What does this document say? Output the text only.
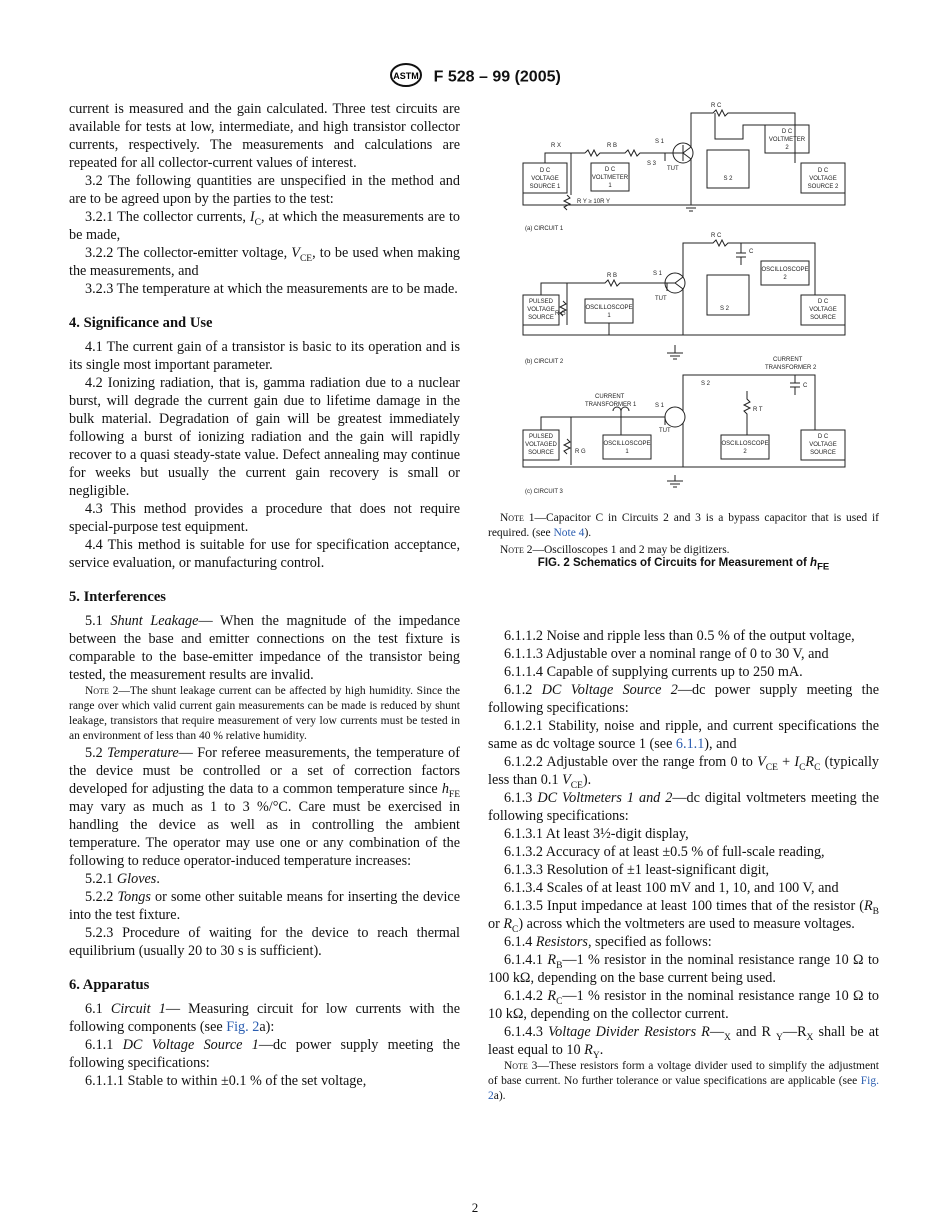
ASTM F 528 – 99 (2005)

current is measured and the gain calculated. Three test circuits are available for tests at low, intermediate, and high transistor collector currents, respectively. The measurements and calculations are repeated for all collector-current values of interest.

3.2 The following quantities are unspecified in the method and are to be agreed upon by the parties to the test:

3.2.1 The collector currents, $I_C$, at which the measurements are to be made,

3.2.2 The collector-emitter voltage, $V_{CE}$, to be used when making the measurements, and

3.2.3 The temperature at which the measurements are to be made.

4. Significance and Use

4.1 The current gain of a transistor is basic to its operation and is its single most important parameter.

4.2 Ionizing radiation, that is, gamma radiation due to a nuclear burst, will degrade the current gain due to lifetime damage in the bulk material. Degradation of gain will be greatest immediately following a burst of ionizing radiation and the gain will rapidly recover to a quasi steady-state value. Defect annealing may continue for weeks but usually the current gain recovery is small or negligible.

4.3 This method provides a procedure that does not require special-purpose test equipment.

4.4 This method is suitable for use for specification acceptance, service evaluation, or manufacturing control.

5. Interferences

5.1 Shunt Leakage— When the magnitude of the impedance between the base and emitter connections on the test fixture is comparable to the base-emitter impedance of the transistor being tested, the measurement results are invalid.

Note 2—The shunt leakage current can be affected by high humidity. Since the range over which valid current gain measurements can be made is reduced by shunt leakage, transistors that require measurement of very low currents must be tested in an environment of less than 40 % relative humidity.

5.2 Temperature— For referee measurements, the temperature of the device must be controlled or a set of correction factors developed for adjusting the data to a common temperature since $h_{FE}$ may vary as much as 1 to 3 %/°C. Care must be exercised in handling the device as well as in controlling the ambient temperature. The operator may use one or any combination of the following to reduce operator-induced temperature increases:

5.2.1 Gloves.

5.2.2 Tongs or some other suitable means for inserting the device into the test fixture.

5.2.3 Procedure of waiting for the device to reach thermal equilibrium (usually 20 to 30 s is sufficient).

6. Apparatus

6.1 Circuit 1— Measuring circuit for low currents with the following components (see Fig. 2a):

6.1.1 DC Voltage Source 1—dc power supply meeting the following specifications:

6.1.1.1 Stable to within ±0.1 % of the set voltage,

D C
VOLTAGE
SOURCE 1
D C
VOLTMETER
1
D C
VOLTMETER
2
D C
VOLTAGE
SOURCE 2
S 2
R X	R B
R C
R Y ≥ 10R Y
S 1
S 3
TUT
(a) CIRCUIT 1
PULSED
VOLTAGE
SOURCE
OSCILLOSCOPE
1
OSCILLOSCOPE
2
D C
VOLTAGE
SOURCE
S 2
R C
C
R B
R G
S 1
TUT
(b) CIRCUIT 2
PULSED
VOLTAGED
SOURCE
OSCILLOSCOPE
1
OSCILLOSCOPE
2
D C
VOLTAGE
SOURCE
CURRENT
TRANSFORMER 1
CURRENT
TRANSFORMER 2
R T
C
R G
S 1
S 2
TUT
(c) CIRCUIT 3

Note 1—Capacitor C in Circuits 2 and 3 is a bypass capacitor that is used if required. (see Note 4).

Note 2—Oscilloscopes 1 and 2 may be digitizers.

FIG. 2 Schematics of Circuits for Measurement of $h_{FE}$

6.1.1.2 Noise and ripple less than 0.5 % of the output voltage,

6.1.1.3 Adjustable over a nominal range of 0 to 30 V, and

6.1.1.4 Capable of supplying currents up to 250 mA.

6.1.2 DC Voltage Source 2—dc power supply meeting the following specifications:

6.1.2.1 Stability, noise and ripple, and current specifications the same as dc voltage source 1 (see 6.1.1), and

6.1.2.2 Adjustable over the range from 0 to $V_{CE} + I_CR_C$ (typically less than 0.1 $V_{CE}$).

6.1.3 DC Voltmeters 1 and 2—dc digital voltmeters meeting the following specifications:

6.1.3.1 At least 3½-digit display,

6.1.3.2 Accuracy of at least ±0.5 % of full-scale reading,

6.1.3.3 Resolution of ±1 least-significant digit,

6.1.3.4 Scales of at least 100 mV and 1, 10, and 100 V, and

6.1.3.5 Input impedance at least 100 times that of the resistor ($R_B$ or $R_C$) across which the voltmeters are used to measure voltages.

6.1.4 Resistors, specified as follows:

6.1.4.1 $R_B—1$ % resistor in the nominal resistance range 10 Ω to 100 kΩ, depending on the base current being used.

6.1.4.2 $R_C—1$ % resistor in the nominal resistance range 10 Ω to 10 kΩ, depending on the collector current.

6.1.4.3 Voltage Divider Resistors $R—_X$ and R $_Y—R_X$ shall be at least equal to 10 $R_Y$.

Note 3—These resistors form a voltage divider used to simplify the adjustment of base current. No further tolerance or value specifications are applicable (see Fig. 2a).

2
